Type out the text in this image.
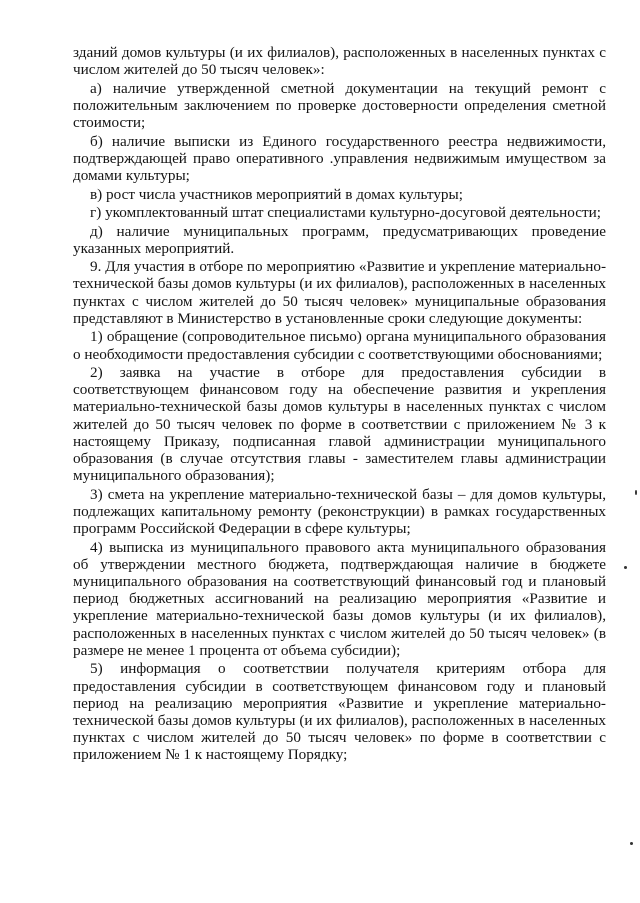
зданий домов культуры (и их филиалов), расположенных в населенных пунктах с числом жителей до 50 тысяч человек»:

а) наличие утвержденной сметной документации на текущий ремонт с положительным заключением по проверке достоверности определения сметной стоимости;

б) наличие выписки из Единого государственного реестра недвижимости, подтверждающей право оперативного .управления недвижимым имуществом за домами культуры;

в) рост числа участников мероприятий в домах культуры;

г) укомплектованный штат специалистами культурно-досуговой деятельности;

д) наличие муниципальных программ, предусматривающих проведение указанных мероприятий.

9. Для участия в отборе по мероприятию «Развитие и укрепление материально-технической базы домов культуры (и их филиалов), расположенных в населенных пунктах с числом жителей до 50 тысяч человек» муниципальные образования представляют в Министерство в установленные сроки следующие документы:

1) обращение (сопроводительное письмо) органа муниципального образования о необходимости предоставления субсидии с соответствующими обоснованиями;

2) заявка на участие в отборе для предоставления субсидии в соответствующем финансовом году на обеспечение развития и укрепления материально-технической базы домов культуры в населенных пунктах с числом жителей до 50 тысяч человек по форме в соответствии с приложением № 3 к настоящему Приказу, подписанная главой администрации муниципального образования (в случае отсутствия главы - заместителем главы администрации муниципального образования);

3) смета на укрепление материально-технической базы – для домов культуры, подлежащих капитальному ремонту (реконструкции) в рамках государственных программ Российской Федерации в сфере культуры;

4) выписка из муниципального правового акта муниципального образования об утверждении местного бюджета, подтверждающая наличие в бюджете муниципального образования на соответствующий финансовый год и плановый период бюджетных ассигнований на реализацию мероприятия «Развитие и укрепление материально-технической базы домов культуры (и их филиалов), расположенных в населенных пунктах с числом жителей до 50 тысяч человек» (в размере не менее 1 процента от объема субсидии);

5) информация о соответствии получателя критериям отбора для предоставления субсидии в соответствующем финансовом году и плановый период на реализацию мероприятия «Развитие и укрепление материально-технической базы домов культуры (и их филиалов), расположенных в населенных пунктах с числом жителей до 50 тысяч человек» по форме в соответствии с приложением № 1 к настоящему Порядку;
